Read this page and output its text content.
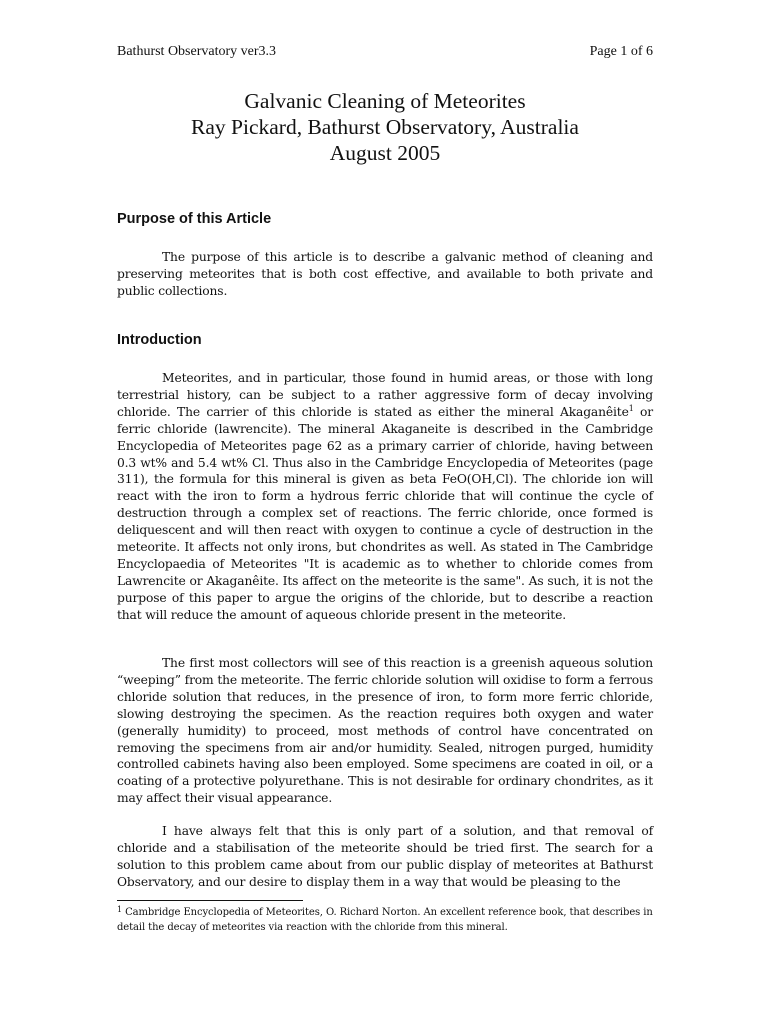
Bathurst Observatory ver3.3	Page 1 of 6
Galvanic Cleaning of Meteorites
Ray Pickard, Bathurst Observatory, Australia
August 2005
Purpose of this Article

The purpose of this article is to describe a galvanic method of cleaning and preserving meteorites that is both cost effective, and available to both private and public collections.

Introduction

Meteorites, and in particular, those found in humid areas, or those with long terrestrial history, can be subject to a rather aggressive form of decay involving chloride. The carrier of this chloride is stated as either the mineral Akaganêite$^1$ or ferric chloride (lawrencite). The mineral Akaganeite is described in the Cambridge Encyclopedia of Meteorites page 62 as a primary carrier of chloride, having between 0.3 wt% and 5.4 wt% Cl. Thus also in the Cambridge Encyclopedia of Meteorites (page 311), the formula for this mineral is given as beta FeO(OH,Cl). The chloride ion will react with the iron to form a hydrous ferric chloride that will continue the cycle of destruction through a complex set of reactions. The ferric chloride, once formed is deliquescent and will then react with oxygen to continue a cycle of destruction in the meteorite. It affects not only irons, but chondrites as well. As stated in The Cambridge Encyclopaedia of Meteorites "It is academic as to whether to chloride comes from Lawrencite or Akaganêite. Its affect on the meteorite is the same". As such, it is not the purpose of this paper to argue the origins of the chloride, but to describe a reaction that will reduce the amount of aqueous chloride present in the meteorite.

The first most collectors will see of this reaction is a greenish aqueous solution “weeping” from the meteorite. The ferric chloride solution will oxidise to form a ferrous chloride solution that reduces, in the presence of iron, to form more ferric chloride, slowing destroying the specimen. As the reaction requires both oxygen and water (generally humidity) to proceed, most methods of control have concentrated on removing the specimens from air and/or humidity. Sealed, nitrogen purged, humidity controlled cabinets having also been employed. Some specimens are coated in oil, or a coating of a protective polyurethane. This is not desirable for ordinary chondrites, as it may affect their visual appearance.

I have always felt that this is only part of a solution, and that removal of chloride and a stabilisation of the meteorite should be tried first. The search for a solution to this problem came about from our public display of meteorites at Bathurst Observatory, and our desire to display them in a way that would be pleasing to the

$^1$ Cambridge Encyclopedia of Meteorites, O. Richard Norton. An excellent reference book, that describes in detail the decay of meteorites via reaction with the chloride from this mineral.
